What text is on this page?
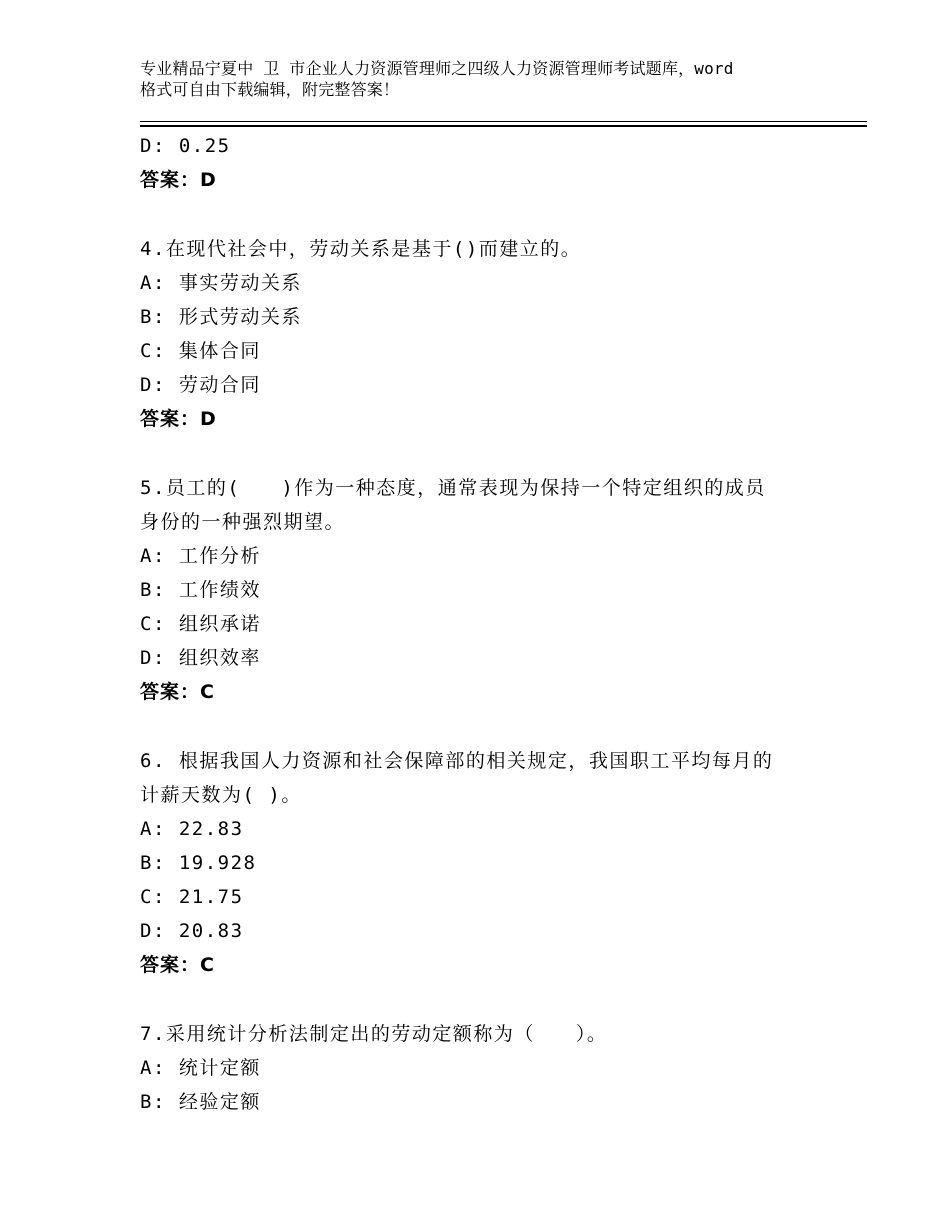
专业精品宁夏中 卫 市企业人力资源管理师之四级人力资源管理师考试题库，word
格式可自由下载编辑，附完整答案！
D: 0.25
答案：D
4.在现代社会中，劳动关系是基于()而建立的。
A: 事实劳动关系
B: 形式劳动关系
C: 集体合同
D: 劳动合同
答案：D
5.员工的(　　)作为一种态度，通常表现为保持一个特定组织的成员
身份的一种强烈期望。
A: 工作分析
B: 工作绩效
C: 组织承诺
D: 组织效率
答案：C
6. 根据我国人力资源和社会保障部的相关规定，我国职工平均每月的
计薪天数为( )。
A: 22.83
B: 19.928
C: 21.75
D: 20.83
答案：C
7.采用统计分析法制定出的劳动定额称为（　　）。
A: 统计定额
B: 经验定额
